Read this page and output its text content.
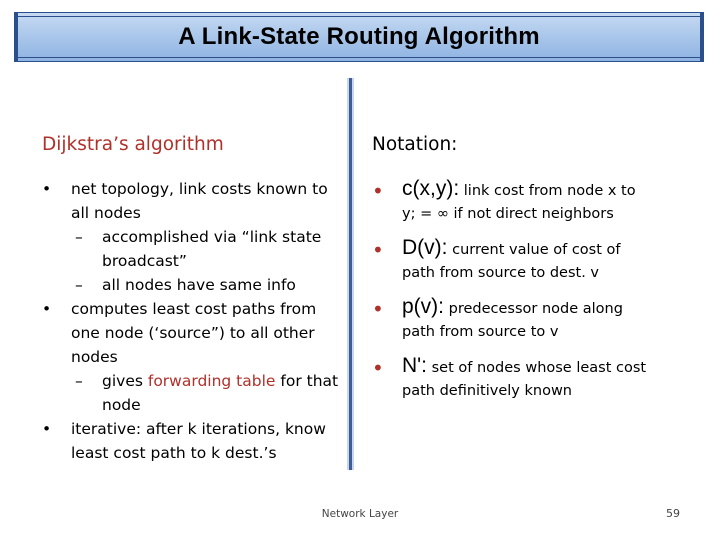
A Link-State Routing Algorithm
Dijkstra’s algorithm
• net topology, link costs known to
all nodes
– accomplished via “link state
broadcast”
– all nodes have same info
• computes least cost paths from
one node (‘source”) to all other
nodes
– gives forwarding table for that
node
• iterative: after k iterations, know
least cost path to k dest.’s
Notation:
• c(x,y): link cost from node x to
y; = ∞ if not direct neighbors
• D(v): current value of cost of
path from source to dest. v
• p(v): predecessor node along
path from source to v
• N': set of nodes whose least cost
path definitively known
Network Layer	59
